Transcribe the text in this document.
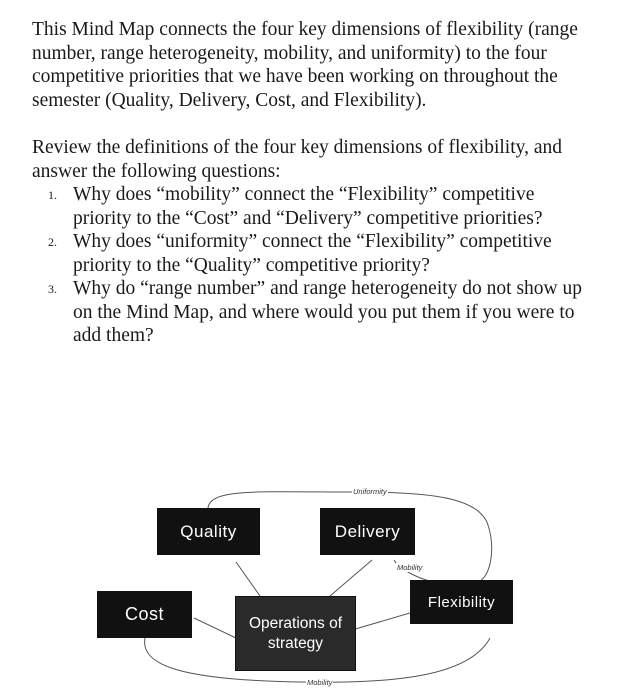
This Mind Map connects the four key dimensions of flexibility (range number, range heterogeneity, mobility, and uniformity) to the four competitive priorities that we have been working on throughout the semester (Quality, Delivery, Cost, and Flexibility).

Review the definitions of the four key dimensions of flexibility, and answer the following questions:
1. Why does “mobility” connect the “Flexibility” competitive priority to the “Cost” and “Delivery” competitive priorities?
2. Why does “uniformity” connect the “Flexibility” competitive priority to the “Quality” competitive priority?
3. Why do “range number” and range heterogeneity do not show up on the Mind Map, and where would you put them if you were to add them?
Uniformity
Mobility
Mobility
Quality	Delivery
Cost
Flexibility
Operations of strategy
